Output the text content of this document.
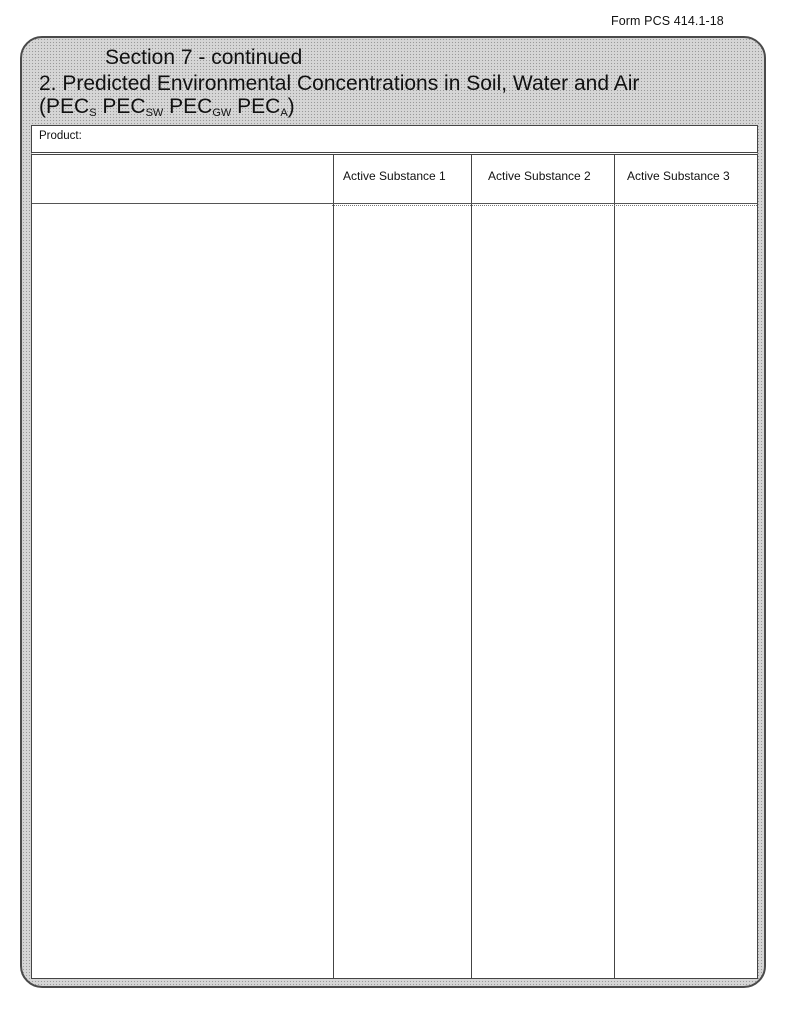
Form PCS 414.1-18
Section 7 - continued
2. Predicted Environmental Concentrations in Soil, Water and Air
($PEC_S$ $PEC_{SW}$ $PEC_{GW}$ $PEC_A$)
Product:
Active Substance 1	Active Substance 2	Active Substance 3
